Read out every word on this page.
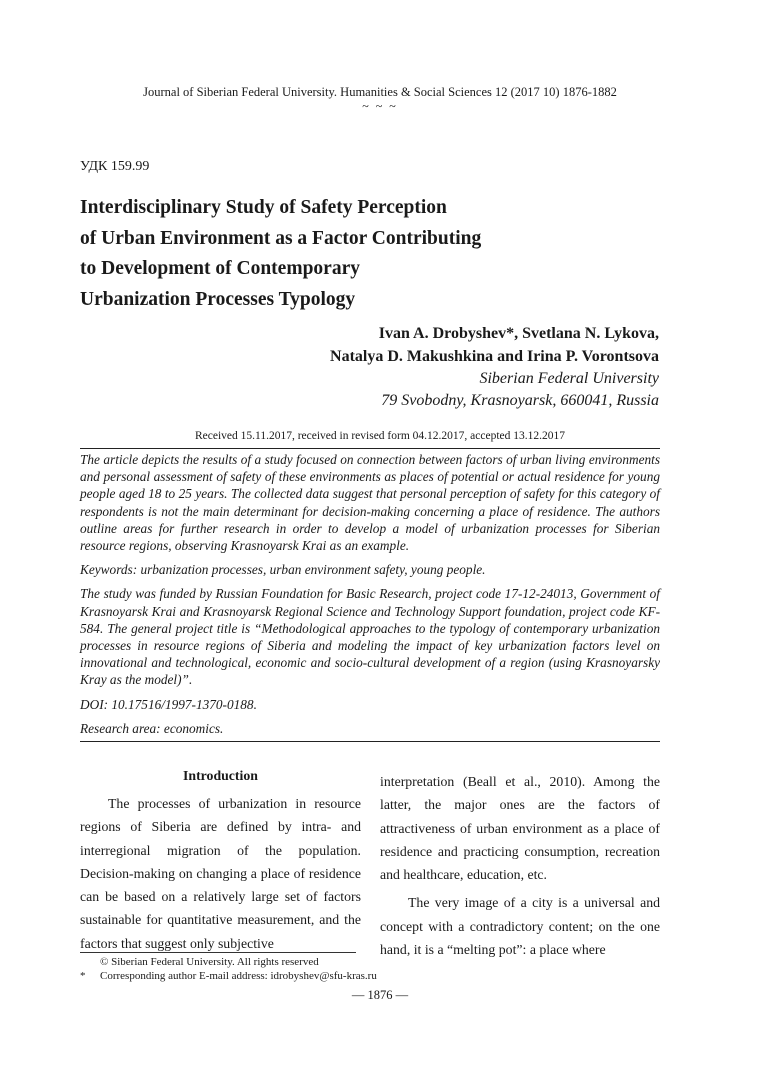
Journal of Siberian Federal University. Humanities & Social Sciences 12 (2017 10) 1876-1882
~ ~ ~
УДК 159.99
Interdisciplinary Study of Safety Perception
of Urban Environment as a Factor Contributing
to Development of Contemporary
Urbanization Processes Typology
Ivan A. Drobyshev*, Svetlana N. Lykova,
Natalya D. Makushkina and Irina P. Vorontsova
Siberian Federal University
79 Svobodny, Krasnoyarsk, 660041, Russia
Received 15.11.2017, received in revised form 04.12.2017, accepted 13.12.2017

The article depicts the results of a study focused on connection between factors of urban living environments and personal assessment of safety of these environments as places of potential or actual residence for young people aged 18 to 25 years. The collected data suggest that personal perception of safety for this category of respondents is not the main determinant for decision-making concerning a place of residence. The authors outline areas for further research in order to develop a model of urbanization processes for Siberian resource regions, observing Krasnoyarsk Krai as an example.

Keywords: urbanization processes, urban environment safety, young people.

The study was funded by Russian Foundation for Basic Research, project code 17-12-24013, Government of Krasnoyarsk Krai and Krasnoyarsk Regional Science and Technology Support foundation, project code KF-584. The general project title is “Methodological approaches to the typology of contemporary urbanization processes in resource regions of Siberia and modeling the impact of key urbanization factors level on innovational and technological, economic and socio-cultural development of a region (using Krasnoyarsky Kray as the model)”.

DOI: 10.17516/1997-1370-0188.

Research area: economics.

Introduction

The processes of urbanization in resource regions of Siberia are defined by intra- and interregional migration of the population. Decision-making on changing a place of residence can be based on a relatively large set of factors sustainable for quantitative measurement, and the factors that suggest only subjective

interpretation (Beall et al., 2010). Among the latter, the major ones are the factors of attractiveness of urban environment as a place of residence and practicing consumption, recreation and healthcare, education, etc.

The very image of a city is a universal and concept with a contradictory content; on the one hand, it is a “melting pot”: a place where

© Siberian Federal University. All rights reserved
* Corresponding author E-mail address: idrobyshev@sfu-kras.ru
— 1876 —
